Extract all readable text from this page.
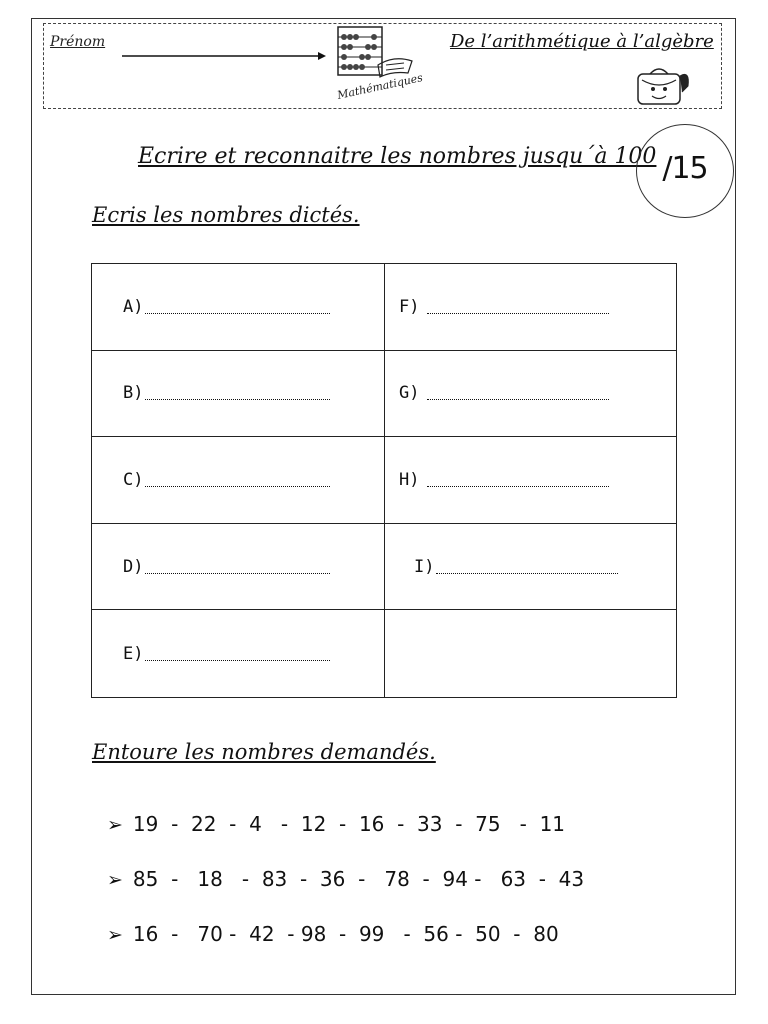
Prénom
Mathématiques
De l’arithmétique à l’algèbre
Ecrire et reconnaitre les nombres jusqu´à 100 /15
Ecris les nombres dictés.
A)	F)
B)	G)
C)	H)
D)	I)
E)
Entoure les nombres demandés.
➢ 19  -  22  -  4   -  12  -  16  -  33  -  75   -  11
➢ 85  -   18   -  83  -  36  -   78  -  94 -   63  -  43
➢ 16  -   70 -  42  - 98  -  99   -  56 -  50  -  80
